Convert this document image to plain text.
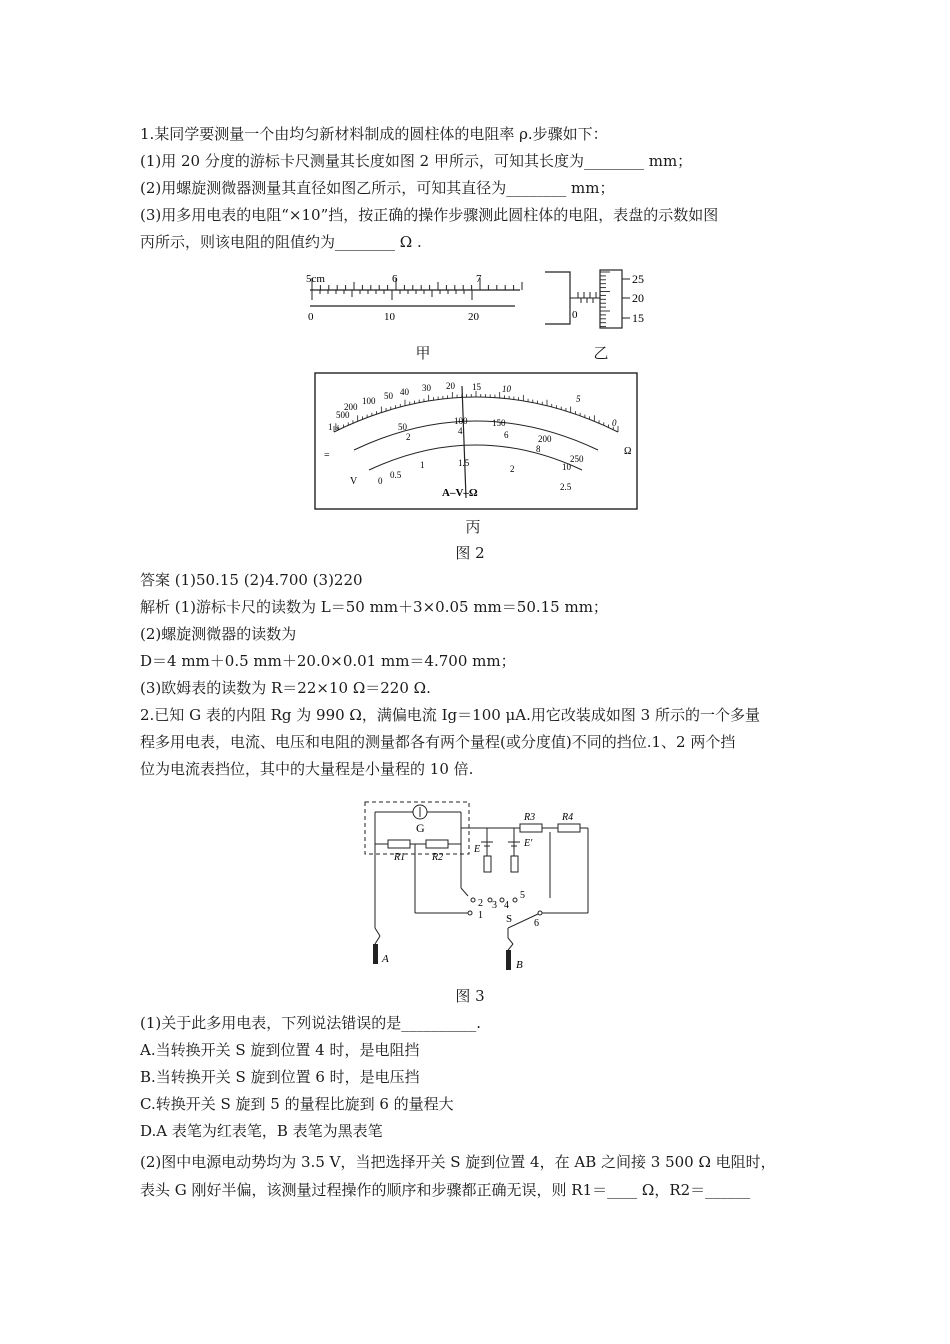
1.某同学要测量一个由均匀新材料制成的圆柱体的电阻率 ρ.步骤如下：
(1)用 20 分度的游标卡尺测量其长度如图 2 甲所示，可知其长度为________ mm；
(2)用螺旋测微器测量其直径如图乙所示，可知其直径为________ mm；
(3)用多用电表的电阻“×10”挡，按正确的操作步骤测此圆柱体的电阻，表盘的示数如图
丙所示，则该电阻的阻值约为________ Ω .
5cm	6	7
0	10	20
甲
0
25
20
15
乙
1 k
500
200
100 50 40 30 20 15 10
5
0
50
100	150
200
250
2
4	6
8
10
0
0.5
1	1.5
2
2.5
Ω
=
V
A–V–Ω
丙
图 2
答案 (1)50.15 (2)4.700 (3)220
解析 (1)游标卡尺的读数为 L＝50 mm＋3×0.05 mm＝50.15 mm；
(2)螺旋测微器的读数为
D＝4 mm＋0.5 mm＋20.0×0.01 mm＝4.700 mm；
(3)欧姆表的读数为 R＝22×10 Ω＝220 Ω.
2.已知 G 表的内阻 Rg 为 990 Ω，满偏电流 Ig＝100 μA.用它改装成如图 3 所示的一个多量
程多用电表，电流、电压和电阻的测量都各有两个量程(或分度值)不同的挡位.1、2 两个挡
位为电流表挡位，其中的大量程是小量程的 10 倍.
G
R1	R2
A
R3	R4
E
E′
1
2 3 4
5
6
S
B
图 3
(1)关于此多用电表，下列说法错误的是__________.
A.当转换开关 S 旋到位置 4 时，是电阻挡
B.当转换开关 S 旋到位置 6 时，是电压挡
C.转换开关 S 旋到 5 的量程比旋到 6 的量程大
D.A 表笔为红表笔，B 表笔为黑表笔
(2)图中电源电动势均为 3.5 V，当把选择开关 S 旋到位置 4，在 AB 之间接 3 500 Ω 电阻时，
表头 G 刚好半偏，该测量过程操作的顺序和步骤都正确无误，则 R1＝____ Ω，R2＝______
